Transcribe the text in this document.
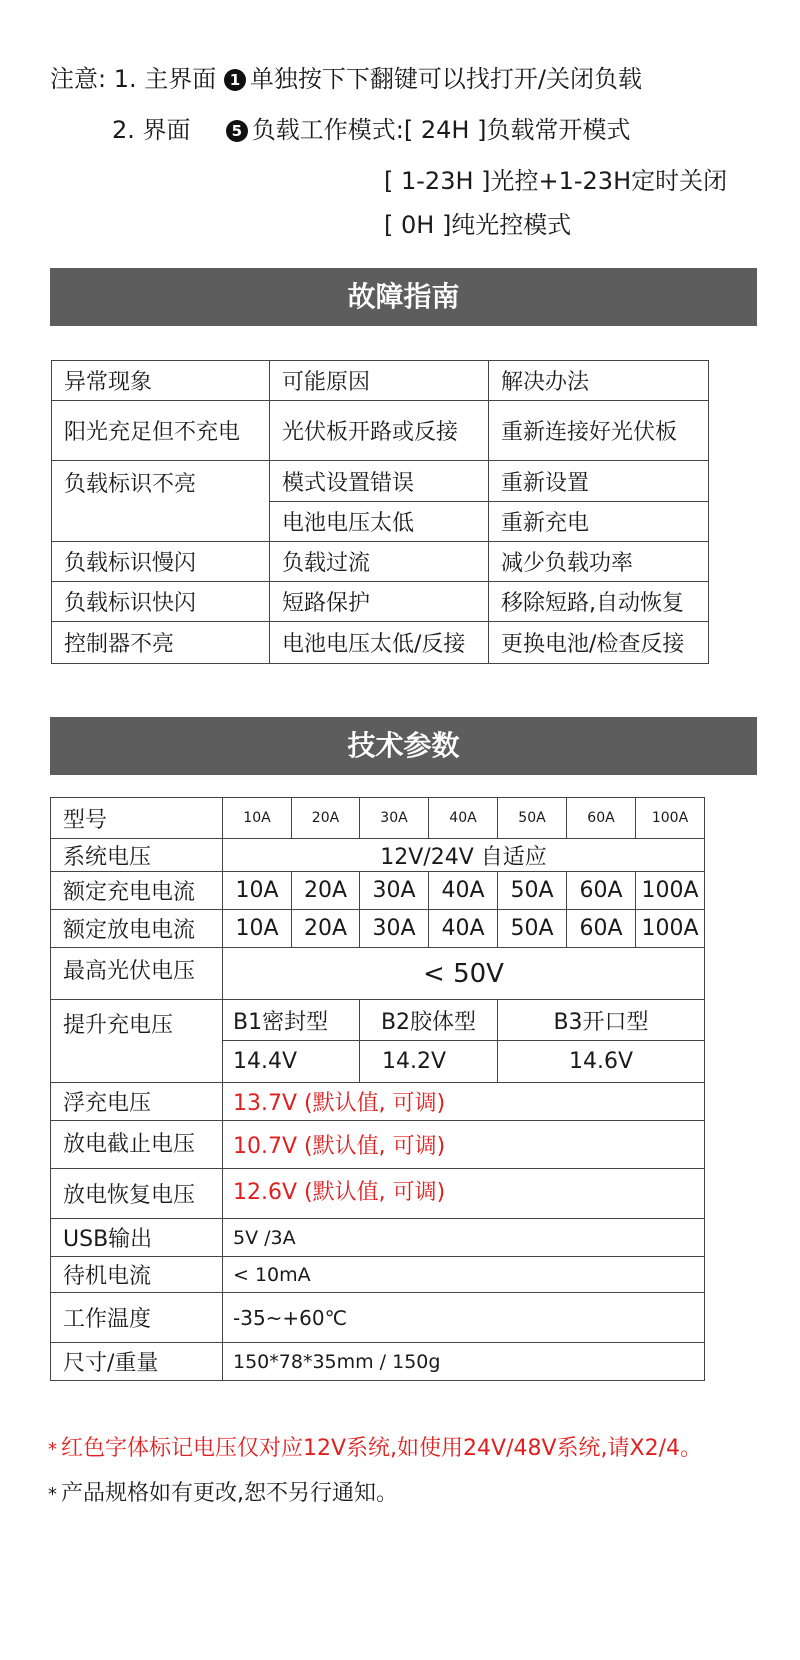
注意: 1. 主界面 1 单独按下下翻键可以找打开/关闭负载
2. 界面	5 负载工作模式:[ 24H ]负载常开模式
[ 1-23H ]光控+1-23H定时关闭
[ 0H ]纯光控模式
故障指南
异常现象	可能原因	解决办法
阳光充足但不充电	光伏板开路或反接	重新连接好光伏板
负载标识不亮	模式设置错误	重新设置
	电池电压太低	重新充电
负载标识慢闪	负载过流	减少负载功率
负载标识快闪	短路保护	移除短路,自动恢复
控制器不亮	电池电压太低/反接	更换电池/检查反接
技术参数
型号	10A	20A	30A	40A	50A	60A	100A
系统电压	12V/24V 自适应						
额定充电电流	10A	20A	30A	40A	50A	60A	100A
额定放电电流	10A	20A	30A	40A	50A	60A	100A
最高光伏电压	< 50V						
提升充电压	B1密封型		B2胶体型		B3开口型		
	14.4V		14.2V		14.6V		
浮充电压	13.7V (默认值, 可调)						
放电截止电压	10.7V (默认值, 可调)						
放电恢复电压	12.6V (默认值, 可调)						
USB输出	5V /3A						
待机电流	< 10mA						
工作温度	-35~+60℃						
尺寸/重量	150*78*35mm / 150g						
* 红色字体标记电压仅对应12V系统,如使用24V/48V系统,请X2/4。
* 产品规格如有更改,恕不另行通知。
